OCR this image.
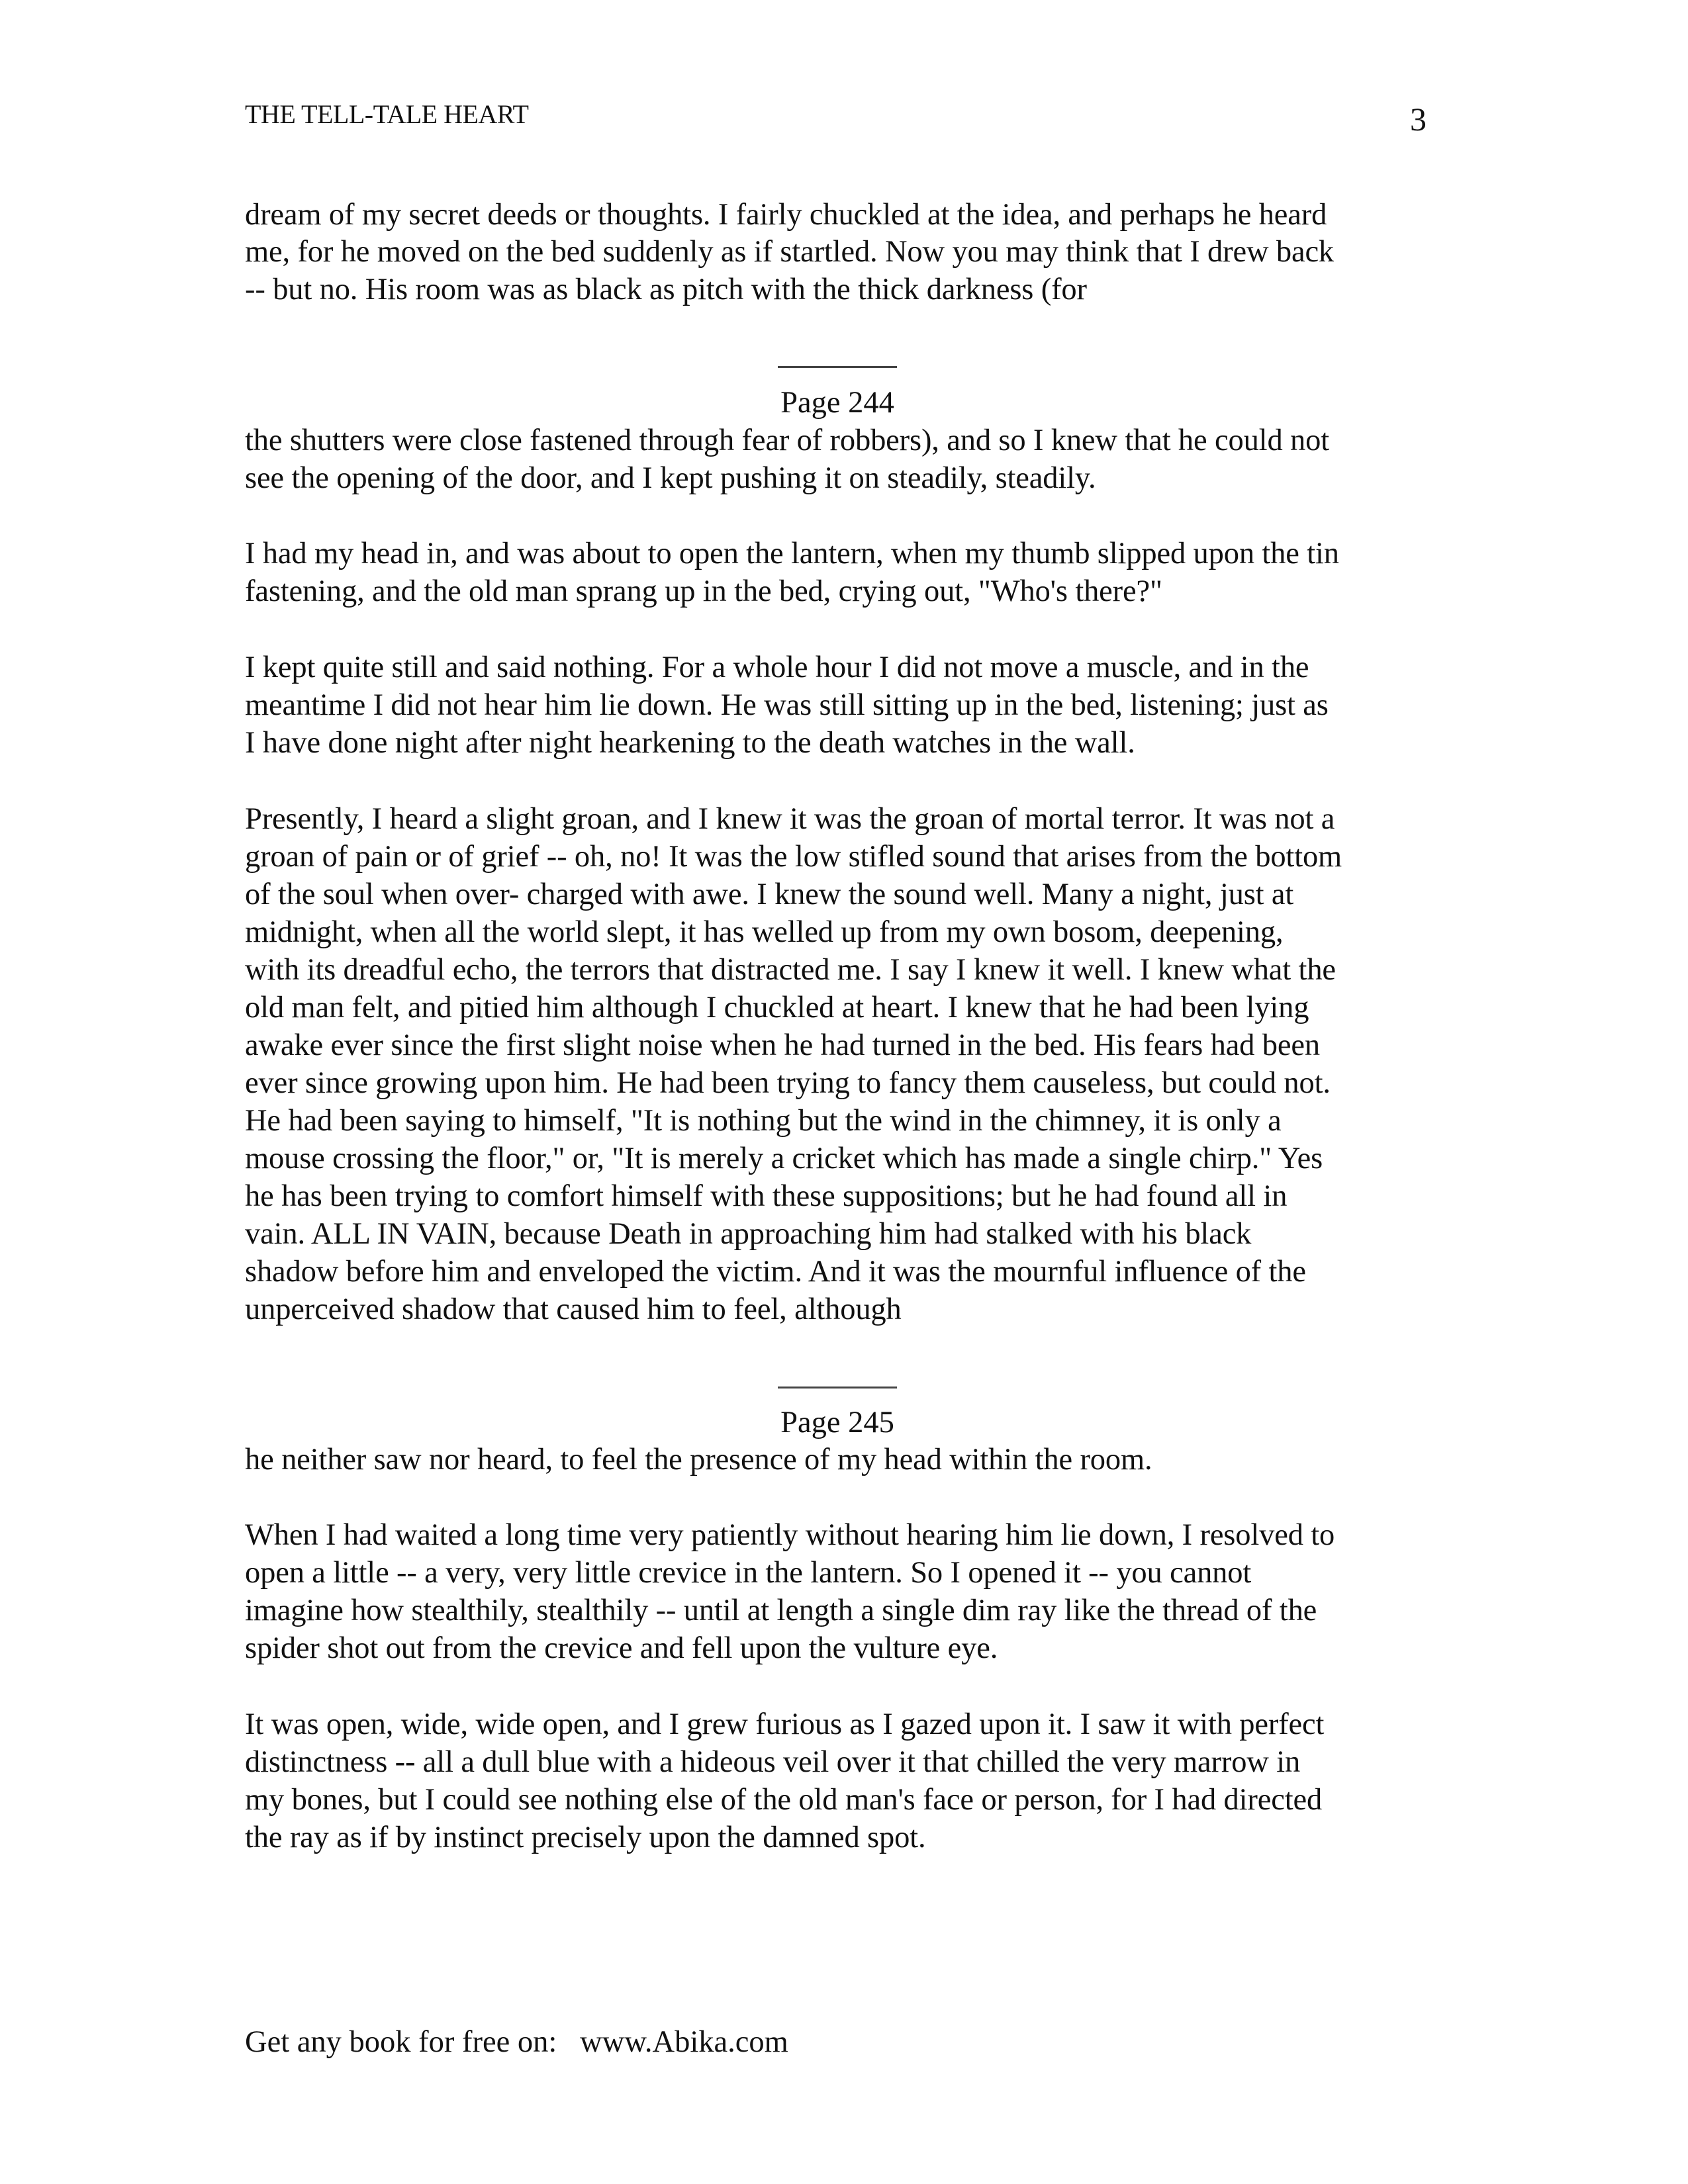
THE TELL-TALE HEART	3
dream of my secret deeds or thoughts. I fairly chuckled at the idea, and perhaps he heard
me, for he moved on the bed suddenly as if startled. Now you may think that I drew back
-- but no. His room was as black as pitch with the thick darkness (for
Page 244
the shutters were close fastened through fear of robbers), and so I knew that he could not
see the opening of the door, and I kept pushing it on steadily, steadily.
I had my head in, and was about to open the lantern, when my thumb slipped upon the tin
fastening, and the old man sprang up in the bed, crying out, "Who's there?"
I kept quite still and said nothing. For a whole hour I did not move a muscle, and in the
meantime I did not hear him lie down. He was still sitting up in the bed, listening; just as
I have done night after night hearkening to the death watches in the wall.
Presently, I heard a slight groan, and I knew it was the groan of mortal terror. It was not a
groan of pain or of grief -- oh, no! It was the low stifled sound that arises from the bottom
of the soul when over- charged with awe. I knew the sound well. Many a night, just at
midnight, when all the world slept, it has welled up from my own bosom, deepening,
with its dreadful echo, the terrors that distracted me. I say I knew it well. I knew what the
old man felt, and pitied him although I chuckled at heart. I knew that he had been lying
awake ever since the first slight noise when he had turned in the bed. His fears had been
ever since growing upon him. He had been trying to fancy them causeless, but could not.
He had been saying to himself, "It is nothing but the wind in the chimney, it is only a
mouse crossing the floor," or, "It is merely a cricket which has made a single chirp." Yes
he has been trying to comfort himself with these suppositions; but he had found all in
vain. ALL IN VAIN, because Death in approaching him had stalked with his black
shadow before him and enveloped the victim. And it was the mournful influence of the
unperceived shadow that caused him to feel, although
Page 245
he neither saw nor heard, to feel the presence of my head within the room.
When I had waited a long time very patiently without hearing him lie down, I resolved to
open a little -- a very, very little crevice in the lantern. So I opened it -- you cannot
imagine how stealthily, stealthily -- until at length a single dim ray like the thread of the
spider shot out from the crevice and fell upon the vulture eye.
It was open, wide, wide open, and I grew furious as I gazed upon it. I saw it with perfect
distinctness -- all a dull blue with a hideous veil over it that chilled the very marrow in
my bones, but I could see nothing else of the old man's face or person, for I had directed
the ray as if by instinct precisely upon the damned spot.
Get any book for free on:   www.Abika.com
